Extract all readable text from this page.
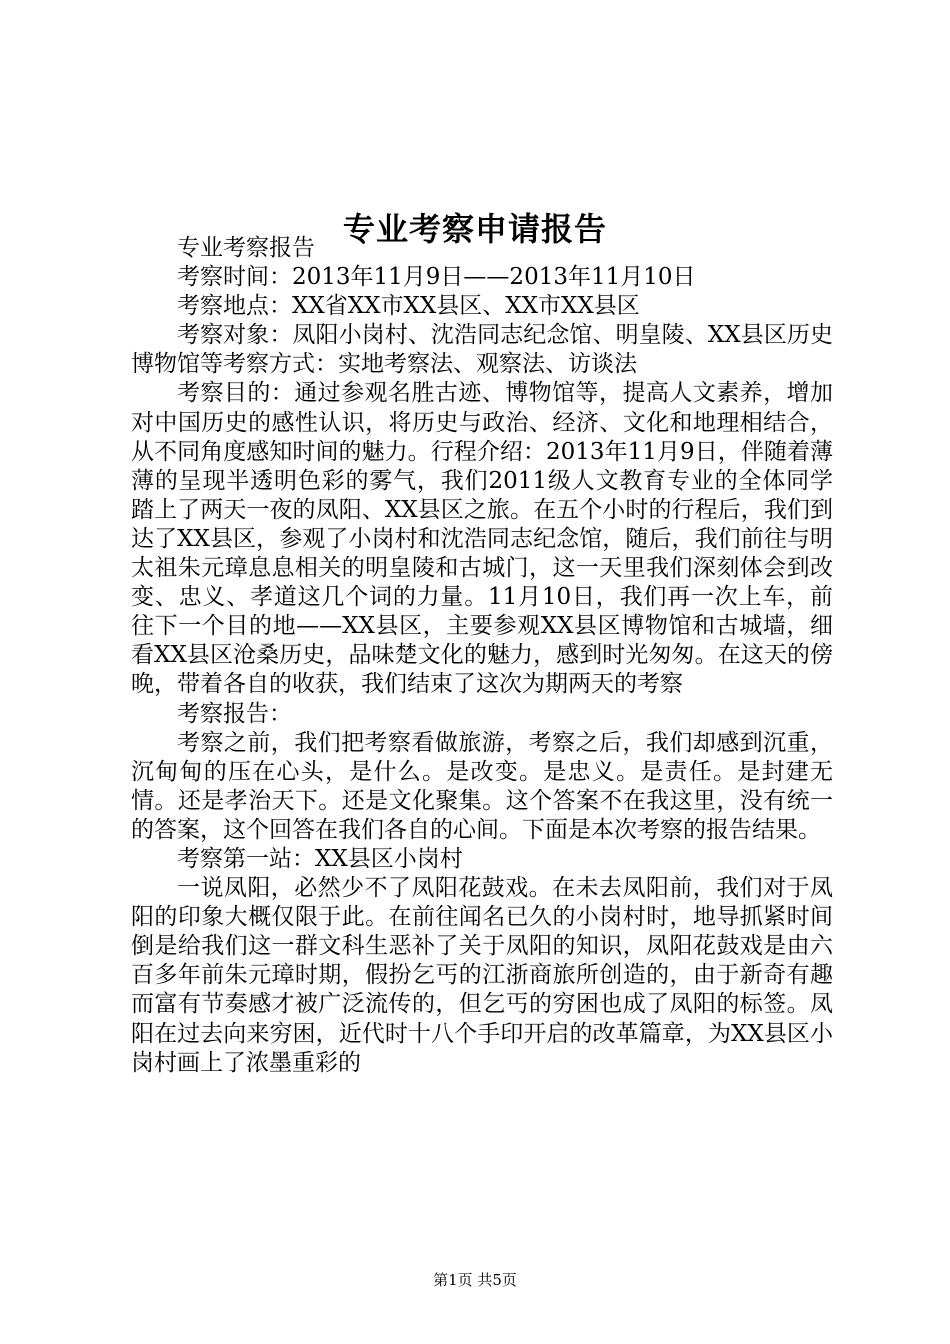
专业考察申请报告

专业考察报告

考察时间：2013年11月9日——2013年11月10日

考察地点：XX省XX市XX县区、XX市XX县区

考察对象：凤阳小岗村、沈浩同志纪念馆、明皇陵、XX县区历史博物馆等考察方式：实地考察法、观察法、访谈法

考察目的：通过参观名胜古迹、博物馆等，提高人文素养，增加对中国历史的感性认识，将历史与政治、经济、文化和地理相结合，从不同角度感知时间的魅力。行程介绍：2013年11月9日，伴随着薄薄的呈现半透明色彩的雾气，我们2011级人文教育专业的全体同学踏上了两天一夜的凤阳、XX县区之旅。在五个小时的行程后，我们到达了XX县区，参观了小岗村和沈浩同志纪念馆，随后，我们前往与明太祖朱元璋息息相关的明皇陵和古城门，这一天里我们深刻体会到改变、忠义、孝道这几个词的力量。11月10日，我们再一次上车，前往下一个目的地——XX县区，主要参观XX县区博物馆和古城墙，细看XX县区沧桑历史，品味楚文化的魅力，感到时光匆匆。在这天的傍晚，带着各自的收获，我们结束了这次为期两天的考察

考察报告：

考察之前，我们把考察看做旅游，考察之后，我们却感到沉重，沉甸甸的压在心头，是什么。是改变。是忠义。是责任。是封建无情。还是孝治天下。还是文化聚集。这个答案不在我这里，没有统一的答案，这个回答在我们各自的心间。下面是本次考察的报告结果。

考察第一站：XX县区小岗村

一说凤阳，必然少不了凤阳花鼓戏。在未去凤阳前，我们对于凤阳的印象大概仅限于此。在前往闻名已久的小岗村时，地导抓紧时间倒是给我们这一群文科生恶补了关于凤阳的知识，凤阳花鼓戏是由六百多年前朱元璋时期，假扮乞丐的江浙商旅所创造的，由于新奇有趣而富有节奏感才被广泛流传的，但乞丐的穷困也成了凤阳的标签。凤阳在过去向来穷困，近代时十八个手印开启的改革篇章，为XX县区小岗村画上了浓墨重彩的

第1页 共5页
